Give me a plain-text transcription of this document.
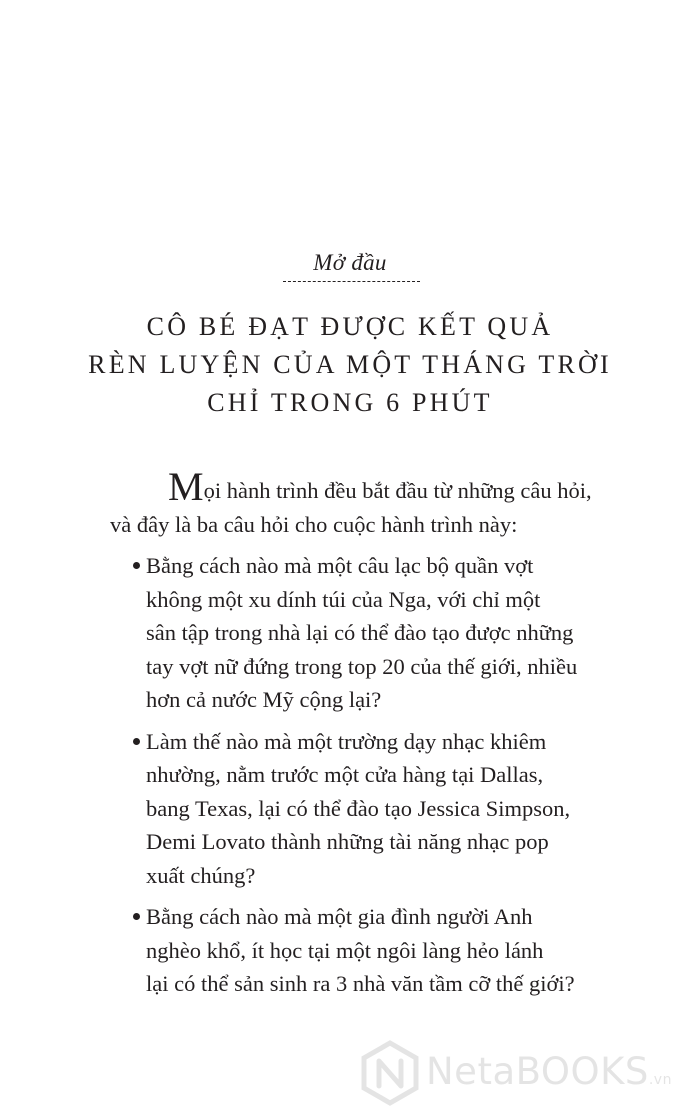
Mở đầu
CÔ BÉ ĐẠT ĐƯỢC KẾT QUẢ
RÈN LUYỆN CỦA MỘT THÁNG TRỜI
CHỈ TRONG 6 PHÚT

Mọi hành trình đều bắt đầu từ những câu hỏi,
và đây là ba câu hỏi cho cuộc hành trình này:

Bằng cách nào mà một câu lạc bộ quần vợt
không một xu dính túi của Nga, với chỉ một
sân tập trong nhà lại có thể đào tạo được những
tay vợt nữ đứng trong top 20 của thế giới, nhiều
hơn cả nước Mỹ cộng lại?
Làm thế nào mà một trường dạy nhạc khiêm
nhường, nằm trước một cửa hàng tại Dallas,
bang Texas, lại có thể đào tạo Jessica Simpson,
Demi Lovato thành những tài năng nhạc pop
xuất chúng?
Bằng cách nào mà một gia đình người Anh
nghèo khổ, ít học tại một ngôi làng hẻo lánh
lại có thể sản sinh ra 3 nhà văn tầm cỡ thế giới?
NetaBOOKS.vn
